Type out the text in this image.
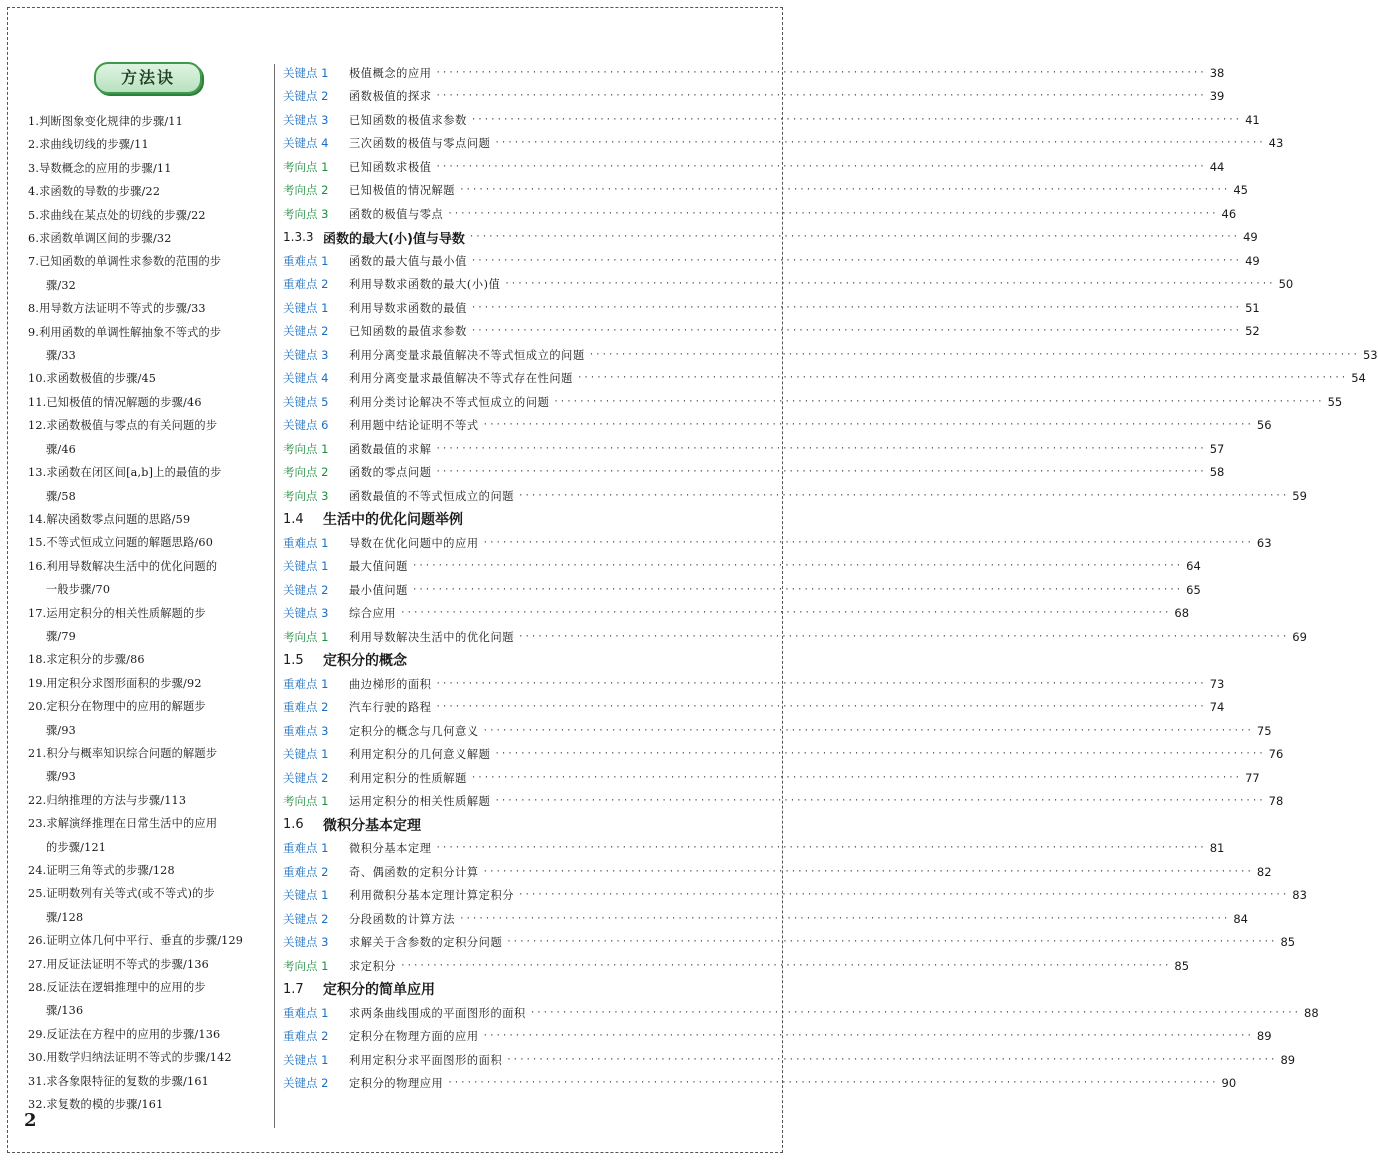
方法诀
1.判断图象变化规律的步骤/11
2.求曲线切线的步骤/11
3.导数概念的应用的步骤/11
4.求函数的导数的步骤/22
5.求曲线在某点处的切线的步骤/22
6.求函数单调区间的步骤/32
7.已知函数的单调性求参数的范围的步
骤/32
8.用导数方法证明不等式的步骤/33
9.利用函数的单调性解抽象不等式的步
骤/33
10.求函数极值的步骤/45
11.已知极值的情况解题的步骤/46
12.求函数极值与零点的有关问题的步
骤/46
13.求函数在闭区间[a,b]上的最值的步
骤/58
14.解决函数零点问题的思路/59
15.不等式恒成立问题的解题思路/60
16.利用导数解决生活中的优化问题的
一般步骤/70
17.运用定积分的相关性质解题的步
骤/79
18.求定积分的步骤/86
19.用定积分求图形面积的步骤/92
20.定积分在物理中的应用的解题步
骤/93
21.积分与概率知识综合问题的解题步
骤/93
22.归纳推理的方法与步骤/113
23.求解演绎推理在日常生活中的应用
的步骤/121
24.证明三角等式的步骤/128
25.证明数列有关等式(或不等式)的步
骤/128
26.证明立体几何中平行、垂直的步骤/129
27.用反证法证明不等式的步骤/136
28.反证法在逻辑推理中的应用的步
骤/136
29.反证法在方程中的应用的步骤/136
30.用数学归纳法证明不等式的步骤/142
31.求各象限特征的复数的步骤/161
32.求复数的模的步骤/161
关键点 1	极值概念的应用 ························································································································ 38
关键点 2	函数极值的探求 ························································································································ 39
关键点 3	已知函数的极值求参数 ························································································································ 41
关键点 4	三次函数的极值与零点问题 ························································································································ 43
考向点 1	已知函数求极值 ························································································································ 44
考向点 2	已知极值的情况解题 ························································································································ 45
考向点 3	函数的极值与零点 ························································································································ 46
1.3.3 函数的最大(小)值与导数 ························································································································ 49
重难点 1	函数的最大值与最小值 ························································································································ 49
重难点 2	利用导数求函数的最大(小)值 ························································································································ 50
关键点 1	利用导数求函数的最值 ························································································································ 51
关键点 2	已知函数的最值求参数 ························································································································ 52
关键点 3	利用分离变量求最值解决不等式恒成立的问题 ························································································································ 53
关键点 4	利用分离变量求最值解决不等式存在性问题 ························································································································ 54
关键点 5	利用分类讨论解决不等式恒成立的问题 ························································································································ 55
关键点 6	利用题中结论证明不等式 ························································································································ 56
考向点 1	函数最值的求解 ························································································································ 57
考向点 2	函数的零点问题 ························································································································ 58
考向点 3	函数最值的不等式恒成立的问题 ························································································································ 59
1.4	生活中的优化问题举例
重难点 1	导数在优化问题中的应用 ························································································································ 63
关键点 1	最大值问题 ························································································································ 64
关键点 2	最小值问题 ························································································································ 65
关键点 3	综合应用 ························································································································ 68
考向点 1	利用导数解决生活中的优化问题 ························································································································ 69
1.5	定积分的概念
重难点 1	曲边梯形的面积 ························································································································ 73
重难点 2	汽车行驶的路程 ························································································································ 74
重难点 3	定积分的概念与几何意义 ························································································································ 75
关键点 1	利用定积分的几何意义解题 ························································································································ 76
关键点 2	利用定积分的性质解题 ························································································································ 77
考向点 1	运用定积分的相关性质解题 ························································································································ 78
1.6	微积分基本定理
重难点 1	微积分基本定理 ························································································································ 81
重难点 2	奇、偶函数的定积分计算 ························································································································ 82
关键点 1	利用微积分基本定理计算定积分 ························································································································ 83
关键点 2	分段函数的计算方法 ························································································································ 84
关键点 3	求解关于含参数的定积分问题 ························································································································ 85
考向点 1	求定积分 ························································································································ 85
1.7	定积分的简单应用
重难点 1	求两条曲线围成的平面图形的面积 ························································································································ 88
重难点 2	定积分在物理方面的应用 ························································································································ 89
关键点 1	利用定积分求平面图形的面积 ························································································································ 89
关键点 2	定积分的物理应用 ························································································································ 90
2
